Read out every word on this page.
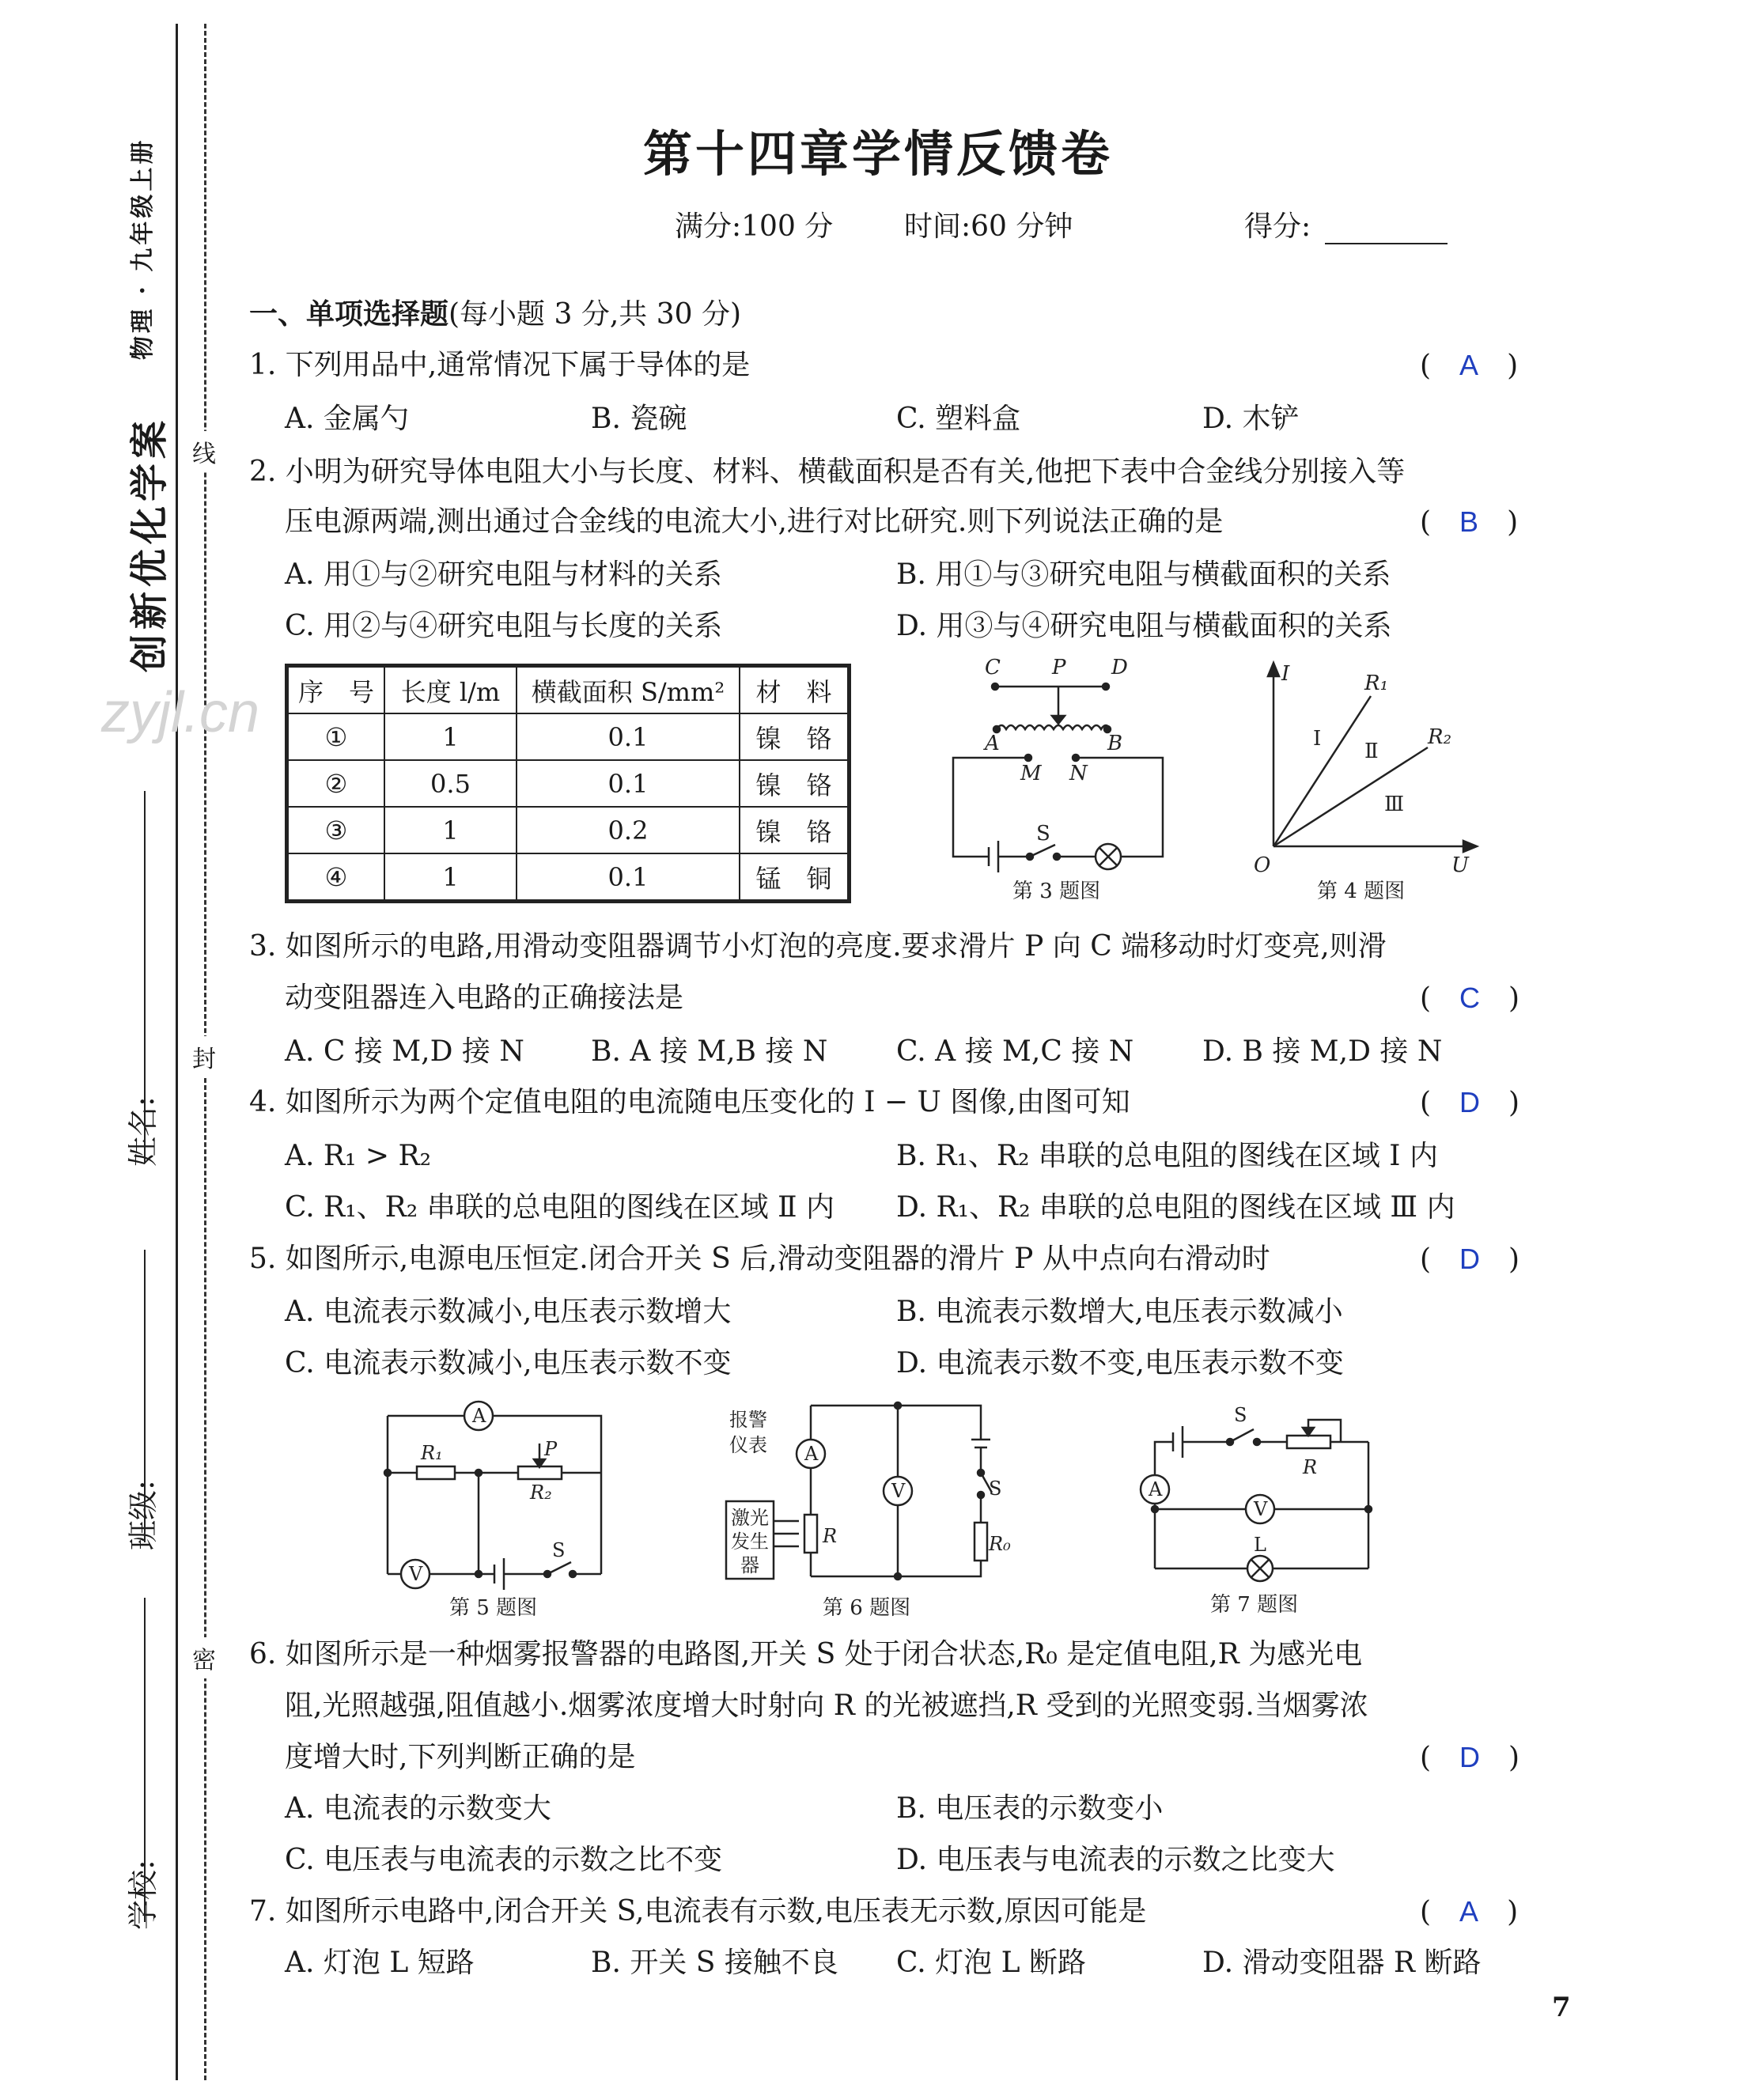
物理 · 九年级上册
创新优化学案 线
封
密
姓名:
班级:
学校:
zyjl.cn
第十四章学情反馈卷
满分:100 分 时间:60 分钟	得分:
一、单项选择题(每小题 3 分,共 30 分)
1. 下列用品中,通常情况下属于导体的是	(　A　)
A. 金属勺	B. 瓷碗	C. 塑料盒	D. 木铲
2. 小明为研究导体电阻大小与长度、材料、横截面积是否有关,他把下表中合金线分别接入等
压电源两端,测出通过合金线的电流大小,进行对比研究.则下列说法正确的是	(　B　)
A. 用①与②研究电阻与材料的关系	B. 用①与③研究电阻与横截面积的关系
C. 用②与④研究电阻与长度的关系	D. 用③与④研究电阻与横截面积的关系
序　号	长度 l/m	横截面积 S/mm²	材　料
①	1	0.1	镍　铬
②	0.5	0.1	镍　铬
③	1	0.2	镍　铬
④	1	0.1	锰　铜
C	P D
A	B
M N
S
第 3 题图
I	R₁
Ⅰ
Ⅱ
R₂
Ⅲ
O	U
第 4 题图
3. 如图所示的电路,用滑动变阻器调节小灯泡的亮度.要求滑片 P 向 C 端移动时灯变亮,则滑
动变阻器连入电路的正确接法是	(　C　)
A. C 接 M,D 接 N B. A 接 M,B 接 N C. A 接 M,C 接 N D. B 接 M,D 接 N
4. 如图所示为两个定值电阻的电流随电压变化的 I − U 图像,由图可知	(　D　)
A. R₁ > R₂	B. R₁、R₂ 串联的总电阻的图线在区域 Ⅰ 内
C. R₁、R₂ 串联的总电阻的图线在区域 Ⅱ 内 D. R₁、R₂ 串联的总电阻的图线在区域 Ⅲ 内
5. 如图所示,电源电压恒定.闭合开关 S 后,滑动变阻器的滑片 P 从中点向右滑动时	(　D　)
A. 电流表示数减小,电压表示数增大	B. 电流表示数增大,电压表示数减小
C. 电流表示数减小,电压表示数不变	D. 电流表示数不变,电压表示数不变
A
R₁	P
R₂
V
S
第 5 题图
报警
仪表 A
V	S
激光
发生
器
R	R₀
第 6 题图
S
R
A
V
L
第 7 题图
6. 如图所示是一种烟雾报警器的电路图,开关 S 处于闭合状态,R₀ 是定值电阻,R 为感光电
阻,光照越强,阻值越小.烟雾浓度增大时射向 R 的光被遮挡,R 受到的光照变弱.当烟雾浓
度增大时,下列判断正确的是	(　D　)
A. 电流表的示数变大	B. 电压表的示数变小
C. 电压表与电流表的示数之比不变	D. 电压表与电流表的示数之比变大
7. 如图所示电路中,闭合开关 S,电流表有示数,电压表无示数,原因可能是	(　A　)
A. 灯泡 L 短路	B. 开关 S 接触不良 C. 灯泡 L 断路	D. 滑动变阻器 R 断路
7
